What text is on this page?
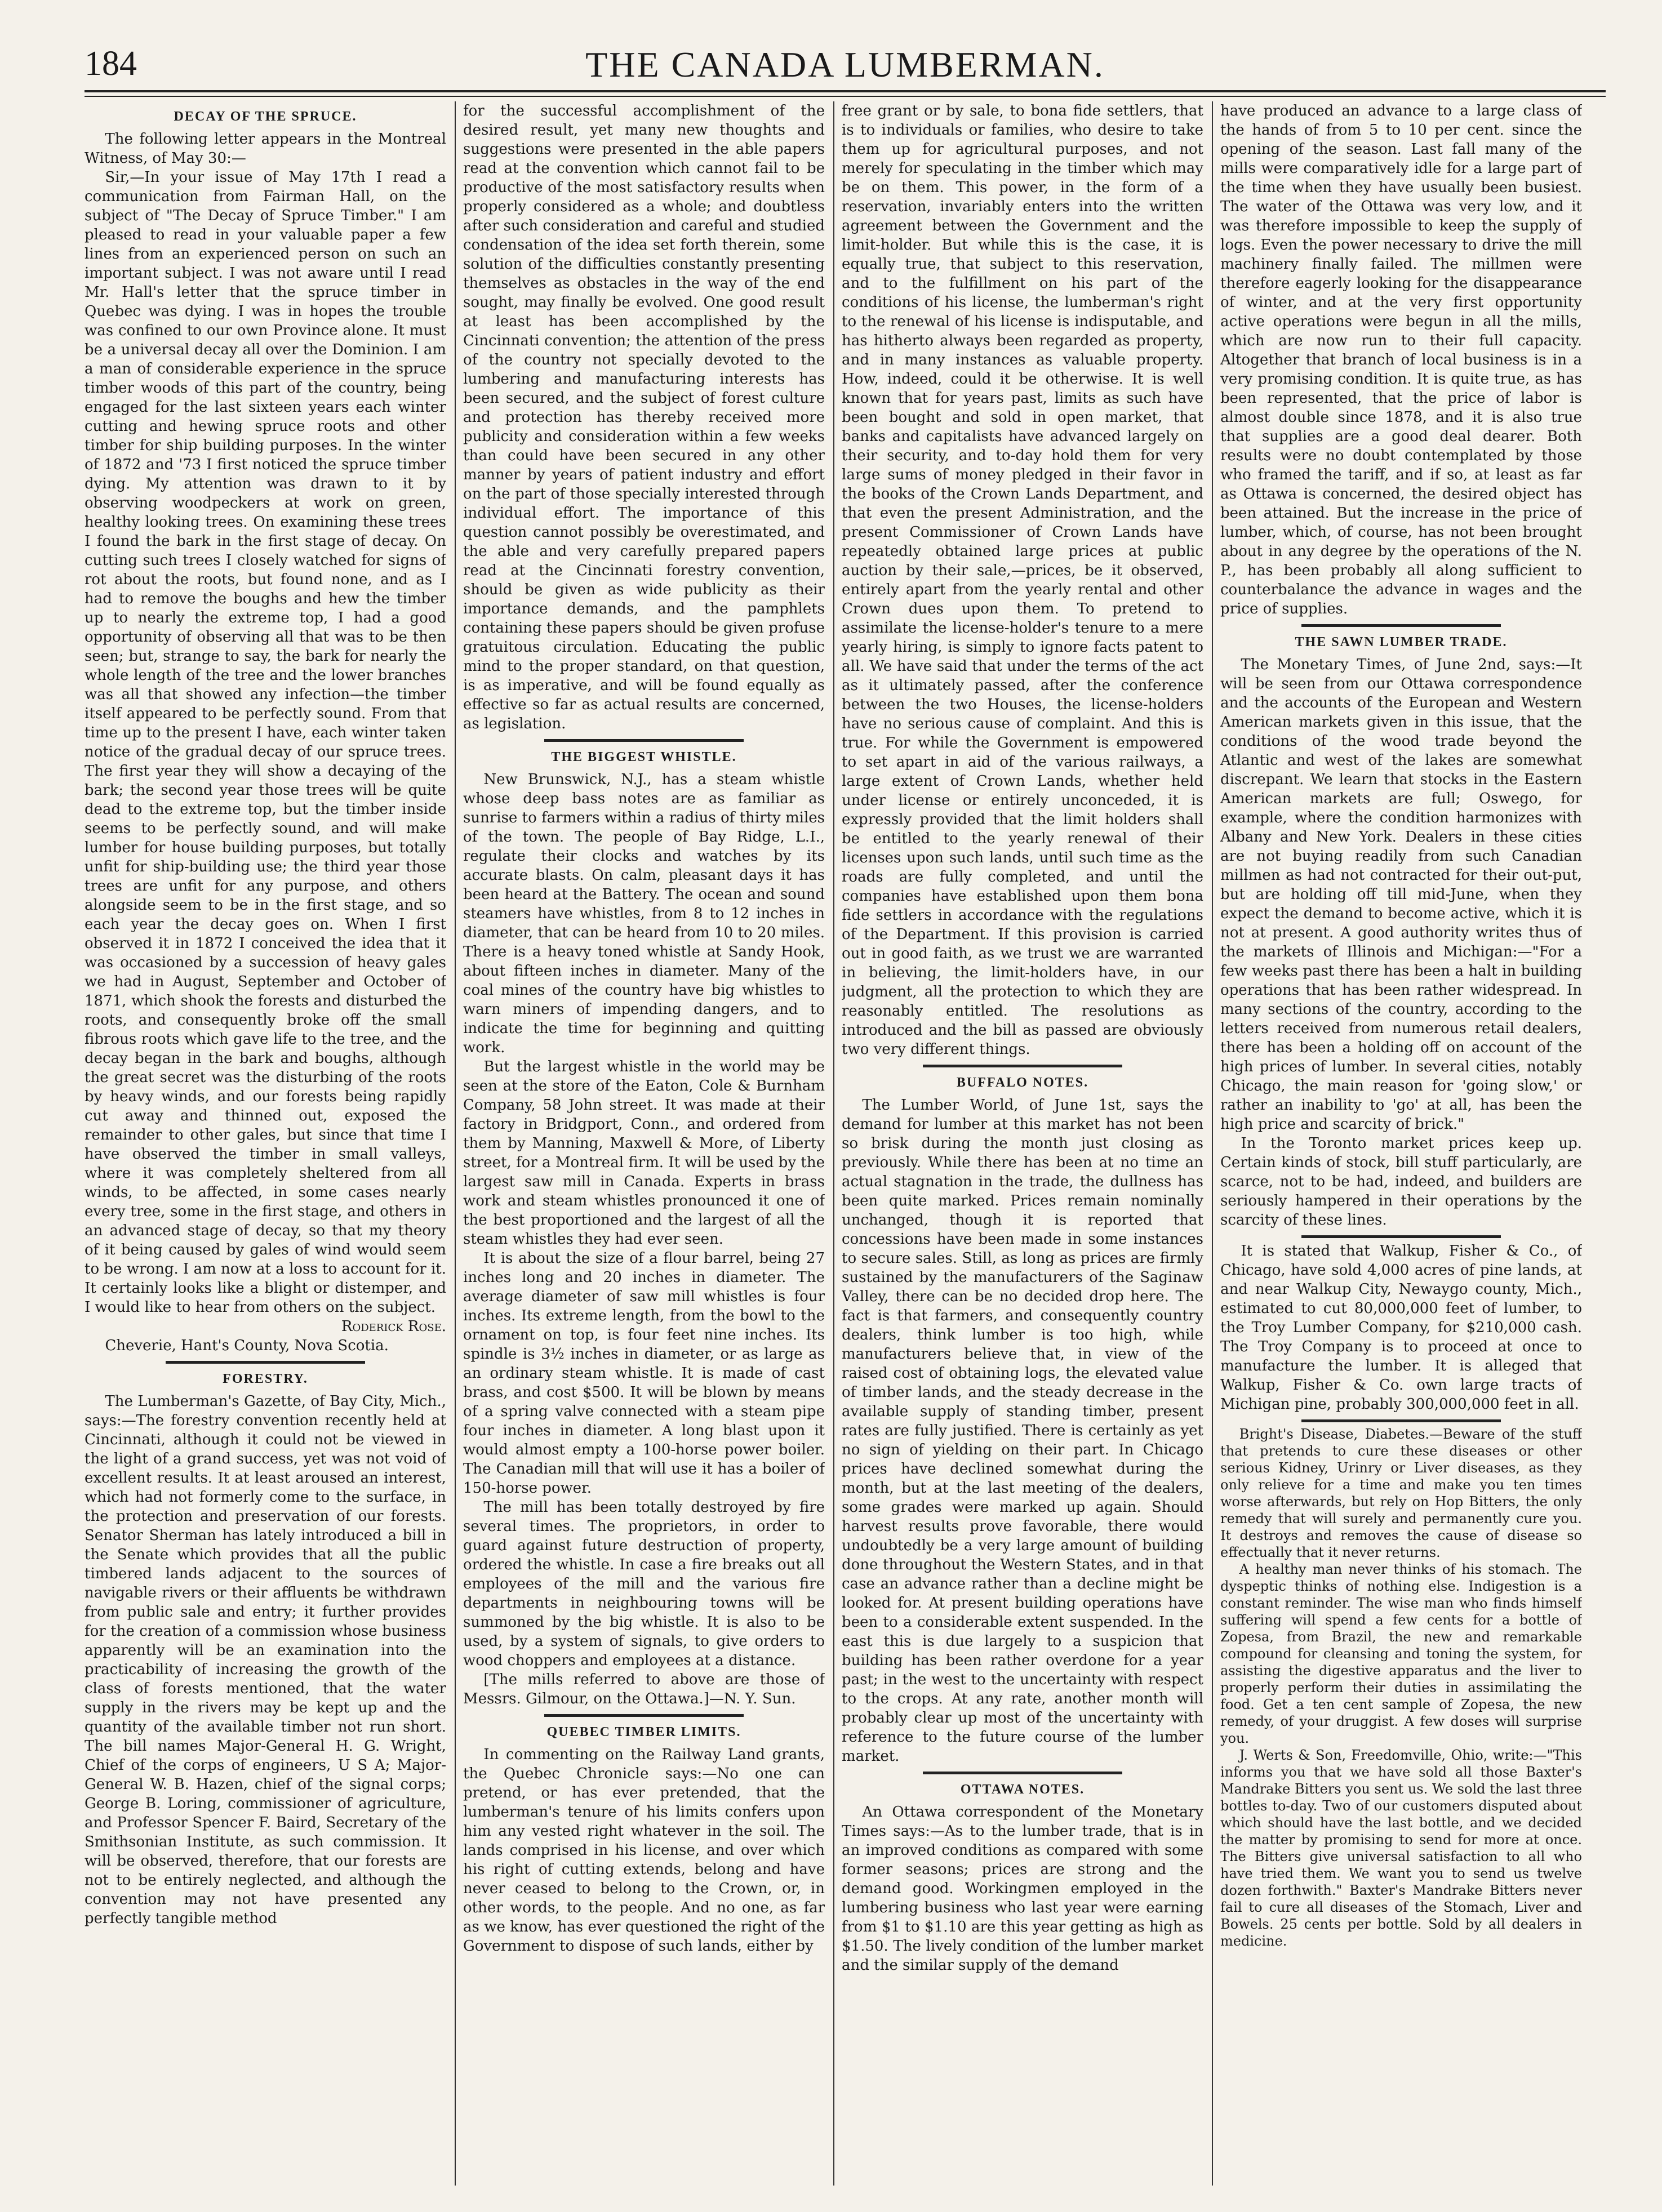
184	THE CANADA LUMBERMAN.
DECAY OF THE SPRUCE.

The following letter appears in the Montreal Witness, of May 30:—

Sir,—In your issue of May 17th I read a communication from Fairman Hall, on the subject of "The Decay of Spruce Timber." I am pleased to read in your valuable paper a few lines from an experienced person on such an important subject. I was not aware until I read Mr. Hall's letter that the spruce timber in Quebec was dying. I was in hopes the trouble was confined to our own Province alone. It must be a universal decay all over the Dominion. I am a man of considerable experience in the spruce timber woods of this part of the country, being engaged for the last sixteen years each winter cutting and hewing spruce roots and other timber for ship building purposes. In the winter of 1872 and '73 I first noticed the spruce timber dying. My attention was drawn to it by observing woodpeckers at work on green, healthy looking trees. On examining these trees I found the bark in the first stage of decay. On cutting such trees I closely watched for signs of rot about the roots, but found none, and as I had to remove the boughs and hew the timber up to nearly the extreme top, I had a good opportunity of observing all that was to be then seen; but, strange to say, the bark for nearly the whole length of the tree and the lower branches was all that showed any infection—the timber itself appeared to be perfectly sound. From that time up to the present I have, each winter taken notice of the gradual decay of our spruce trees. The first year they will show a decaying of the bark; the second year those trees will be quite dead to the extreme top, but the timber inside seems to be perfectly sound, and will make lumber for house building purposes, but totally unfit for ship-building use; the third year those trees are unfit for any purpose, and others alongside seem to be in the first stage, and so each year the decay goes on. When I first observed it in 1872 I conceived the idea that it was occasioned by a succession of heavy gales we had in August, September and October of 1871, which shook the forests and disturbed the roots, and consequently broke off the small fibrous roots which gave life to the tree, and the decay began in the bark and boughs, although the great secret was the disturbing of the roots by heavy winds, and our forests being rapidly cut away and thinned out, exposed the remainder to other gales, but since that time I have observed the timber in small valleys, where it was completely sheltered from all winds, to be affected, in some cases nearly every tree, some in the first stage, and others in an advanced stage of decay, so that my theory of it being caused by gales of wind would seem to be wrong. I am now at a loss to account for it. It certainly looks like a blight or distemper, and I would like to hear from others on the subject.

Roderick Rose.

Cheverie, Hant's County, Nova Scotia.

FORESTRY.

The Lumberman's Gazette, of Bay City, Mich., says:—The forestry convention recently held at Cincinnati, although it could not be viewed in the light of a grand success, yet was not void of excellent results. It at least aroused an interest, which had not formerly come to the surface, in the protection and preservation of our forests. Senator Sherman has lately introduced a bill in the Senate which provides that all the public timbered lands adjacent to the sources of navigable rivers or their affluents be withdrawn from public sale and entry; it further provides for the creation of a commission whose business apparently will be an examination into the practicability of increasing the growth of the class of forests mentioned, that the water supply in the rivers may be kept up and the quantity of the available timber not run short. The bill names Major-General H. G. Wright, Chief of the corps of engineers, U S A; Major-General W. B. Hazen, chief of the signal corps; George B. Loring, commissioner of agriculture, and Professor Spencer F. Baird, Secretary of the Smithsonian Institute, as such commission. It will be observed, therefore, that our forests are not to be entirely neglected, and although the convention may not have presented any perfectly tangible method

for the successful accomplishment of the desired result, yet many new thoughts and suggestions were presented in the able papers read at the convention which cannot fail to be productive of the most satisfactory results when properly considered as a whole; and doubtless after such consideration and careful and studied condensation of the idea set forth therein, some solution of the difficulties constantly presenting themselves as obstacles in the way of the end sought, may finally be evolved. One good result at least has been accomplished by the Cincinnati convention; the attention of the press of the country not specially devoted to the lumbering and manufacturing interests has been secured, and the subject of forest culture and protection has thereby received more publicity and consideration within a few weeks than could have been secured in any other manner by years of patient industry and effort on the part of those specially interested through individual effort. The importance of this question cannot possibly be overestimated, and the able and very carefully prepared papers read at the Cincinnati forestry convention, should be given as wide publicity as their importance demands, and the pamphlets containing these papers should be given profuse gratuitous circulation. Educating the public mind to the proper standard, on that question, is as imperative, and will be found equally as effective so far as actual results are concerned, as legislation.

THE BIGGEST WHISTLE.

New Brunswick, N.J., has a steam whistle whose deep bass notes are as familiar as sunrise to farmers within a radius of thirty miles of the town. The people of Bay Ridge, L.I., regulate their clocks and watches by its accurate blasts. On calm, pleasant days it has been heard at the Battery. The ocean and sound steamers have whistles, from 8 to 12 inches in diameter, that can be heard from 10 to 20 miles. There is a heavy toned whistle at Sandy Hook, about fifteen inches in diameter. Many of the coal mines of the country have big whistles to warn miners of impending dangers, and to indicate the time for beginning and quitting work.

But the largest whistle in the world may be seen at the store of the Eaton, Cole & Burnham Company, 58 John street. It was made at their factory in Bridgport, Conn., and ordered from them by Manning, Maxwell & More, of Liberty street, for a Montreal firm. It will be used by the largest saw mill in Canada. Experts in brass work and steam whistles pronounced it one of the best proportioned and the largest of all the steam whistles they had ever seen.

It is about the size of a flour barrel, being 27 inches long and 20 inches in diameter. The average diameter of saw mill whistles is four inches. Its extreme length, from the bowl to the ornament on top, is four feet nine inches. Its spindle is 3½ inches in diameter, or as large as an ordinary steam whistle. It is made of cast brass, and cost $500. It will be blown by means of a spring valve connected with a steam pipe four inches in diameter. A long blast upon it would almost empty a 100-horse power boiler. The Canadian mill that will use it has a boiler of 150-horse power.

The mill has been totally destroyed by fire several times. The proprietors, in order to guard against future destruction of property, ordered the whistle. In case a fire breaks out all employees of the mill and the various fire departments in neighbouring towns will be summoned by the big whistle. It is also to be used, by a system of signals, to give orders to wood choppers and employees at a distance.

[The mills referred to above are those of Messrs. Gilmour, on the Ottawa.]—N. Y. Sun.

QUEBEC TIMBER LIMITS.

In commenting on the Railway Land grants, the Quebec Chronicle says:—No one can pretend, or has ever pretended, that the lumberman's tenure of his limits confers upon him any vested right whatever in the soil. The lands comprised in his license, and over which his right of cutting extends, belong and have never ceased to belong to the Crown, or, in other words, to the people. And no one, as far as we know, has ever questioned the right of the Government to dispose of such lands, either by

free grant or by sale, to bona fide settlers, that is to individuals or families, who desire to take them up for agricultural purposes, and not merely for speculating in the timber which may be on them. This power, in the form of a reservation, invariably enters into the written agreement between the Government and the limit-holder. But while this is the case, it is equally true, that subject to this reservation, and to the fulfillment on his part of the conditions of his license, the lumberman's right to the renewal of his license is indisputable, and has hitherto always been regarded as property, and in many instances as valuable property. How, indeed, could it be otherwise. It is well known that for years past, limits as such have been bought and sold in open market, that banks and capitalists have advanced largely on their security, and to-day hold them for very large sums of money pledged in their favor in the books of the Crown Lands Department, and that even the present Administration, and the present Commissioner of Crown Lands have repeatedly obtained large prices at public auction by their sale,—prices, be it observed, entirely apart from the yearly rental and other Crown dues upon them. To pretend to assimilate the license-holder's tenure to a mere yearly hiring, is simply to ignore facts patent to all. We have said that under the terms of the act as it ultimately passed, after the conference between the two Houses, the license-holders have no serious cause of complaint. And this is true. For while the Government is empowered to set apart in aid of the various railways, a large extent of Crown Lands, whether held under license or entirely unconceded, it is expressly provided that the limit holders shall be entitled to the yearly renewal of their licenses upon such lands, until such time as the roads are fully completed, and until the companies have established upon them bona fide settlers in accordance with the regulations of the Department. If this provision is carried out in good faith, as we trust we are warranted in believing, the limit-holders have, in our judgment, all the protection to which they are reasonably entitled. The resolutions as introduced and the bill as passed are obviously two very different things.

BUFFALO NOTES.

The Lumber World, of June 1st, says the demand for lumber at this market has not been so brisk during the month just closing as previously. While there has been at no time an actual stagnation in the trade, the dullness has been quite marked. Prices remain nominally unchanged, though it is reported that concessions have been made in some instances to secure sales. Still, as long as prices are firmly sustained by the manufacturers of the Saginaw Valley, there can be no decided drop here. The fact is that farmers, and consequently country dealers, think lumber is too high, while manufacturers believe that, in view of the raised cost of obtaining logs, the elevated value of timber lands, and the steady decrease in the available supply of standing timber, present rates are fully justified. There is certainly as yet no sign of yielding on their part. In Chicago prices have declined somewhat during the month, but at the last meeting of the dealers, some grades were marked up again. Should harvest results prove favorable, there would undoubtedly be a very large amount of building done throughout the Western States, and in that case an advance rather than a decline might be looked for. At present building operations have been to a considerable extent suspended. In the east this is due largely to a suspicion that building has been rather overdone for a year past; in the west to the uncertainty with respect to the crops. At any rate, another month will probably clear up most of the uncertainty with reference to the future course of the lumber market.

OTTAWA NOTES.

An Ottawa correspondent of the Monetary Times says:—As to the lumber trade, that is in an improved conditions as compared with some former seasons; prices are strong and the demand good. Workingmen employed in the lumbering business who last year were earning from $1 to $1.10 are this year getting as high as $1.50. The lively condition of the lumber market and the similar supply of the demand

have produced an advance to a large class of the hands of from 5 to 10 per cent. since the opening of the season. Last fall many of the mills were comparatively idle for a large part of the time when they have usually been busiest. The water of the Ottawa was very low, and it was therefore impossible to keep the supply of logs. Even the power necessary to drive the mill machinery finally failed. The millmen were therefore eagerly looking for the disappearance of winter, and at the very first opportunity active operations were begun in all the mills, which are now run to their full capacity. Altogether that branch of local business is in a very promising condition. It is quite true, as has been represented, that the price of labor is almost double since 1878, and it is also true that supplies are a good deal dearer. Both results were no doubt contemplated by those who framed the tariff, and if so, at least as far as Ottawa is concerned, the desired object has been attained. But the increase in the price of lumber, which, of course, has not been brought about in any degree by the operations of the N. P., has been probably all along sufficient to counterbalance the advance in wages and the price of supplies.

THE SAWN LUMBER TRADE.

The Monetary Times, of June 2nd, says:—It will be seen from our Ottawa correspondence and the accounts of the European and Western American markets given in this issue, that the conditions of the wood trade beyond the Atlantic and west of the lakes are somewhat discrepant. We learn that stocks in the Eastern American markets are full; Oswego, for example, where the condition harmonizes with Albany and New York. Dealers in these cities are not buying readily from such Canadian millmen as had not contracted for their out-put, but are holding off till mid-June, when they expect the demand to become active, which it is not at present. A good authority writes thus of the markets of Illinois and Michigan:—"For a few weeks past there has been a halt in building operations that has been rather widespread. In many sections of the country, according to the letters received from numerous retail dealers, there has been a holding off on account of the high prices of lumber. In several cities, notably Chicago, the main reason for 'going slow,' or rather an inability to 'go' at all, has been the high price and scarcity of brick."

In the Toronto market prices keep up. Certain kinds of stock, bill stuff particularly, are scarce, not to be had, indeed, and builders are seriously hampered in their operations by the scarcity of these lines.

It is stated that Walkup, Fisher & Co., of Chicago, have sold 4,000 acres of pine lands, at and near Walkup City, Newaygo county, Mich., estimated to cut 80,000,000 feet of lumber, to the Troy Lumber Company, for $210,000 cash. The Troy Company is to proceed at once to manufacture the lumber. It is alleged that Walkup, Fisher & Co. own large tracts of Michigan pine, probably 300,000,000 feet in all.

Bright's Disease, Diabetes.—Beware of the stuff that pretends to cure these diseases or other serious Kidney, Urinry or Liver diseases, as they only relieve for a time and make you ten times worse afterwards, but rely on Hop Bitters, the only remedy that will surely and permanently cure you. It destroys and removes the cause of disease so effectually that it never returns.

A healthy man never thinks of his stomach. The dyspeptic thinks of nothing else. Indigestion is a constant reminder. The wise man who finds himself suffering will spend a few cents for a bottle of Zopesa, from Brazil, the new and remarkable compound for cleansing and toning the system, for assisting the digestive apparatus and the liver to properly perform their duties in assimilating the food. Get a ten cent sample of Zopesa, the new remedy, of your druggist. A few doses will surprise you.

J. Werts & Son, Freedomville, Ohio, write:—"This informs you that we have sold all those Baxter's Mandrake Bitters you sent us. We sold the last three bottles to-day. Two of our customers disputed about which should have the last bottle, and we decided the matter by promising to send for more at once. The Bitters give universal satisfaction to all who have tried them. We want you to send us twelve dozen forthwith." Baxter's Mandrake Bitters never fail to cure all diseases of the Stomach, Liver and Bowels. 25 cents per bottle. Sold by all dealers in medicine.
